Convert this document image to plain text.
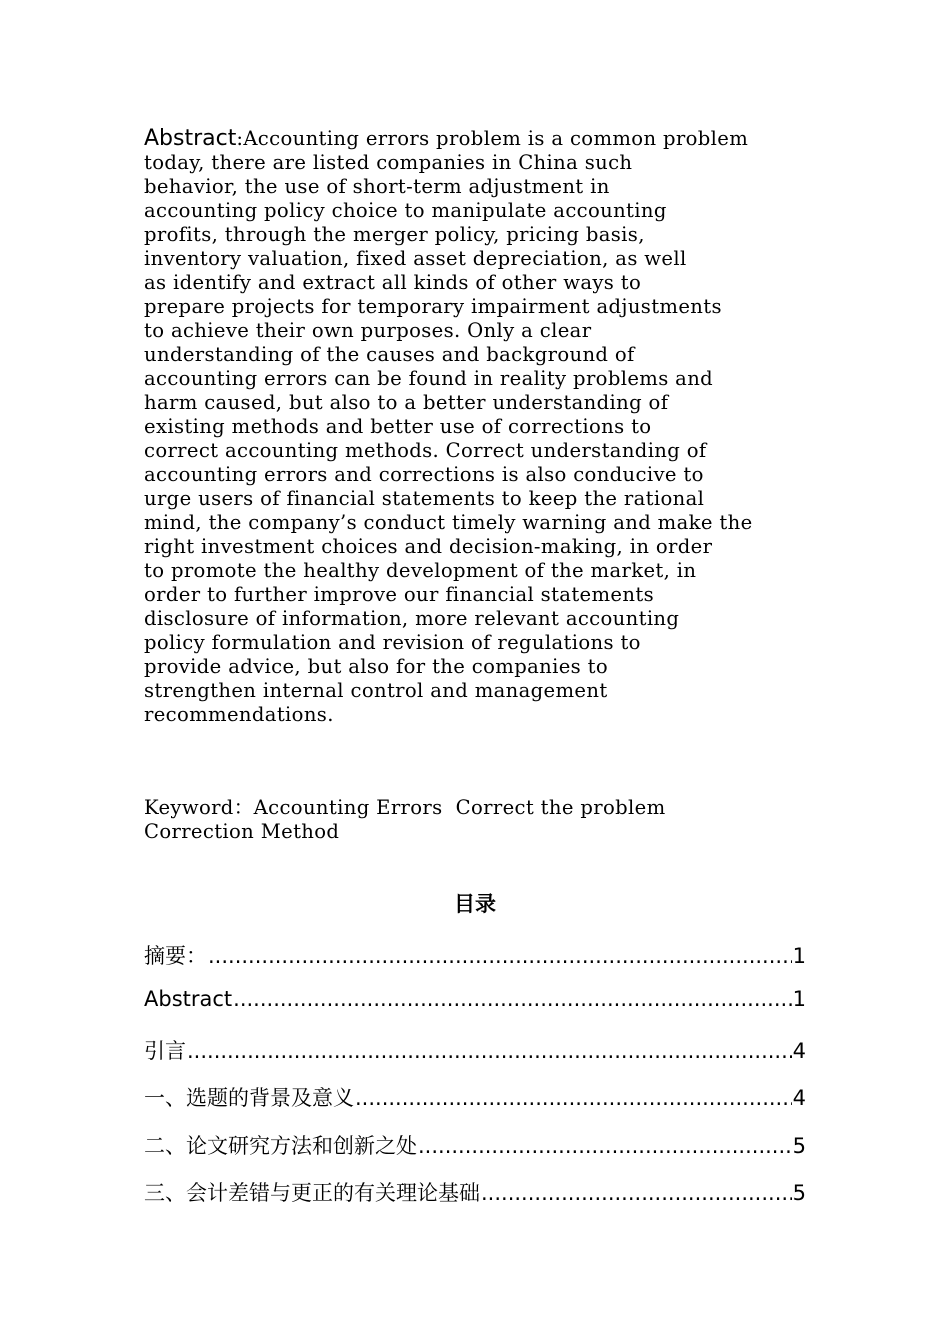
Abstract:Accounting errors problem is a common problem
today, there are listed companies in China such
behavior, the use of short-term adjustment in
accounting policy choice to manipulate accounting
profits, through the merger policy, pricing basis,
inventory valuation, fixed asset depreciation, as well
as identify and extract all kinds of other ways to
prepare projects for temporary impairment adjustments
to achieve their own purposes. Only a clear
understanding of the causes and background of
accounting errors can be found in reality problems and
harm caused, but also to a better understanding of
existing methods and better use of corrections to
correct accounting methods. Correct understanding of
accounting errors and corrections is also conducive to
urge users of financial statements to keep the rational
mind, the company’s conduct timely warning and make the
right investment choices and decision-making, in order
to promote the healthy development of the market, in
order to further improve our financial statements
disclosure of information, more relevant accounting
policy formulation and revision of regulations to
provide advice, but also for the companies to
strengthen internal control and management
recommendations.
Keyword：Accounting Errors  Correct the problem
Correction Method
目录
摘要： .....	1
Abstract .....	1
引言 .....	4
一、选题的背景及意义 .....	4
二、论文研究方法和创新之处 .....	5
三、会计差错与更正的有关理论基础 .....	5
